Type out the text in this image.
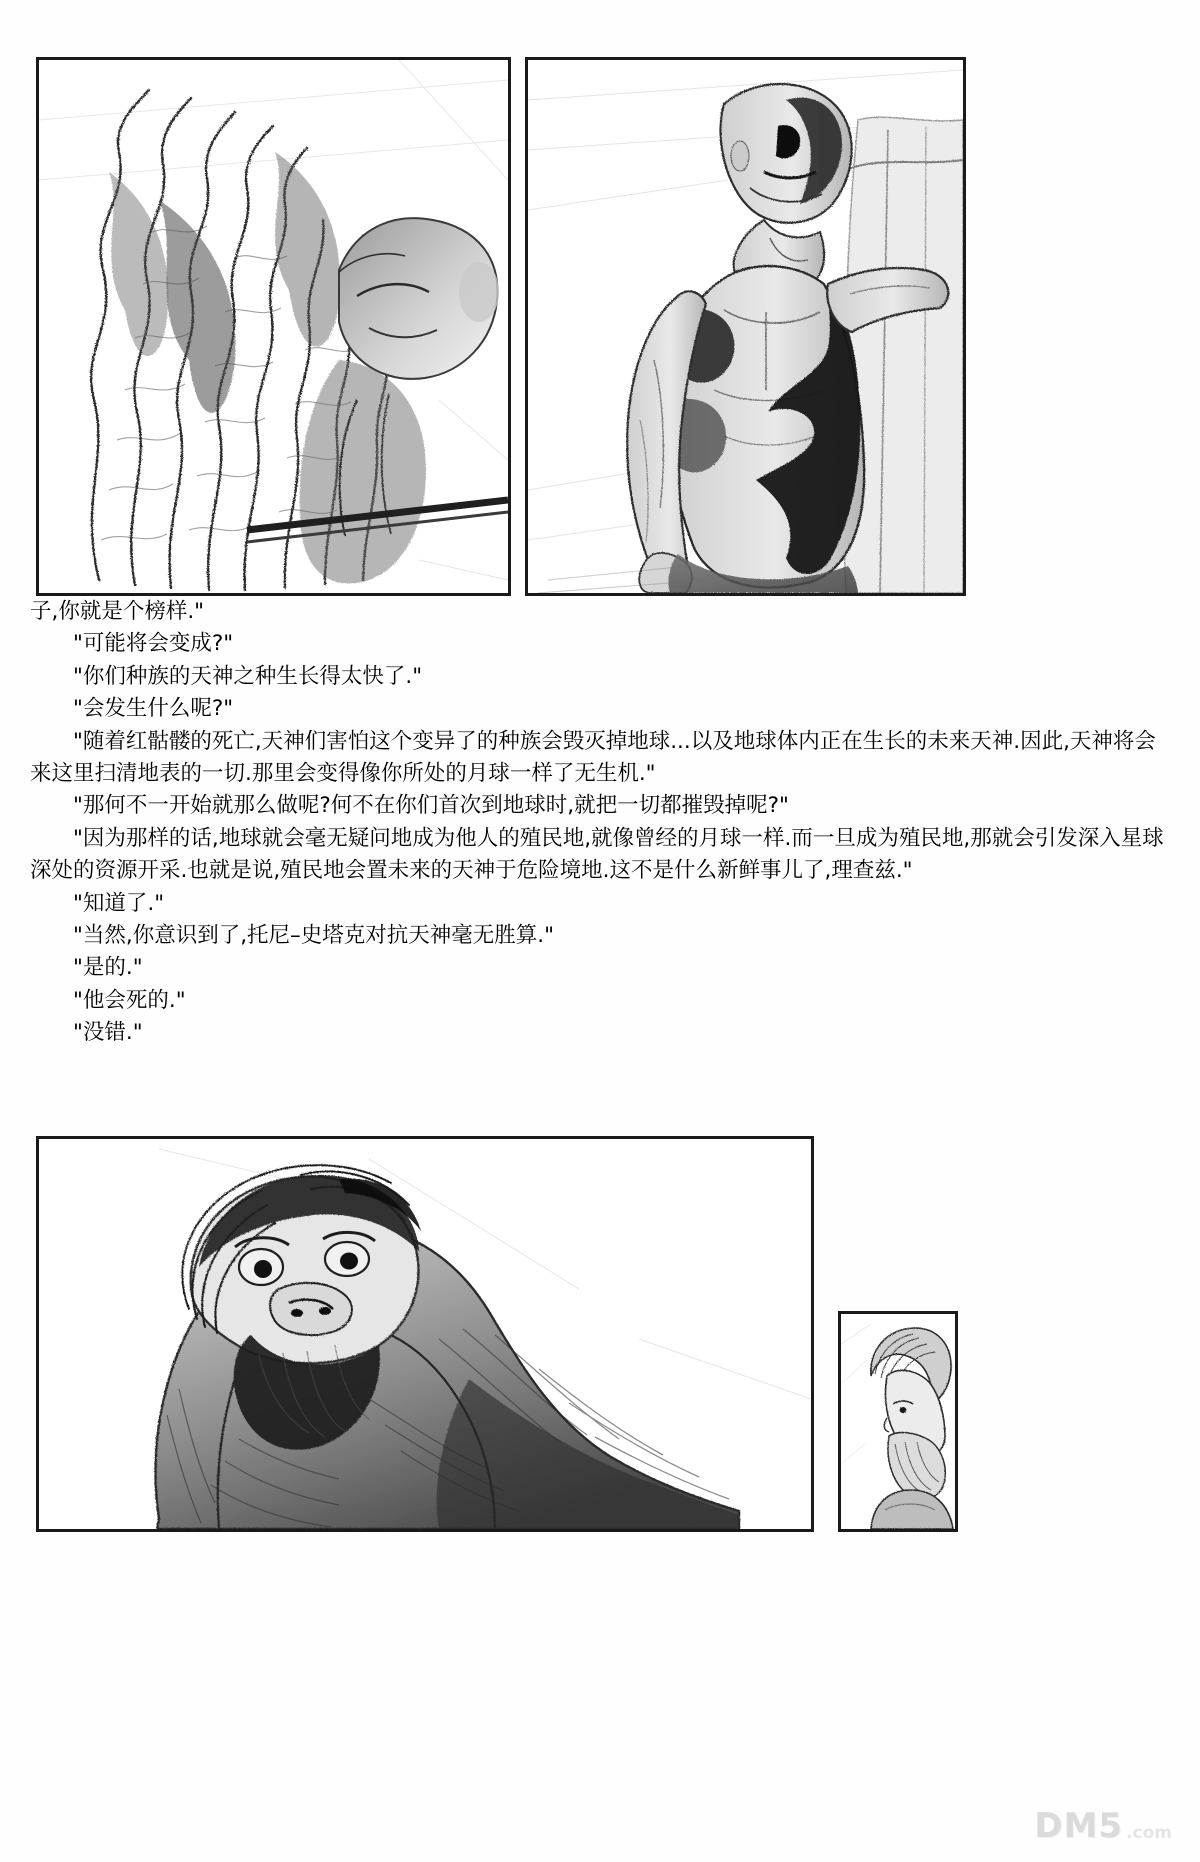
子,你就是个榜样."

"可能将会变成?"

"你们种族的天神之种生长得太快了."

"会发生什么呢?"

"随着红骷髅的死亡,天神们害怕这个变异了的种族会毁灭掉地球...以及地球体内正在生长的未来天神.因此,天神将会来这里扫清地表的一切.那里会变得像你所处的月球一样了无生机."

"那何不一开始就那么做呢?何不在你们首次到地球时,就把一切都摧毁掉呢?"

"因为那样的话,地球就会毫无疑问地成为他人的殖民地,就像曾经的月球一样.而一旦成为殖民地,那就会引发深入星球深处的资源开采.也就是说,殖民地会置未来的天神于危险境地.这不是什么新鲜事儿了,理查兹."

"知道了."

"当然,你意识到了,托尼–史塔克对抗天神毫无胜算."

"是的."

"他会死的."

"没错."

DM5 .com
